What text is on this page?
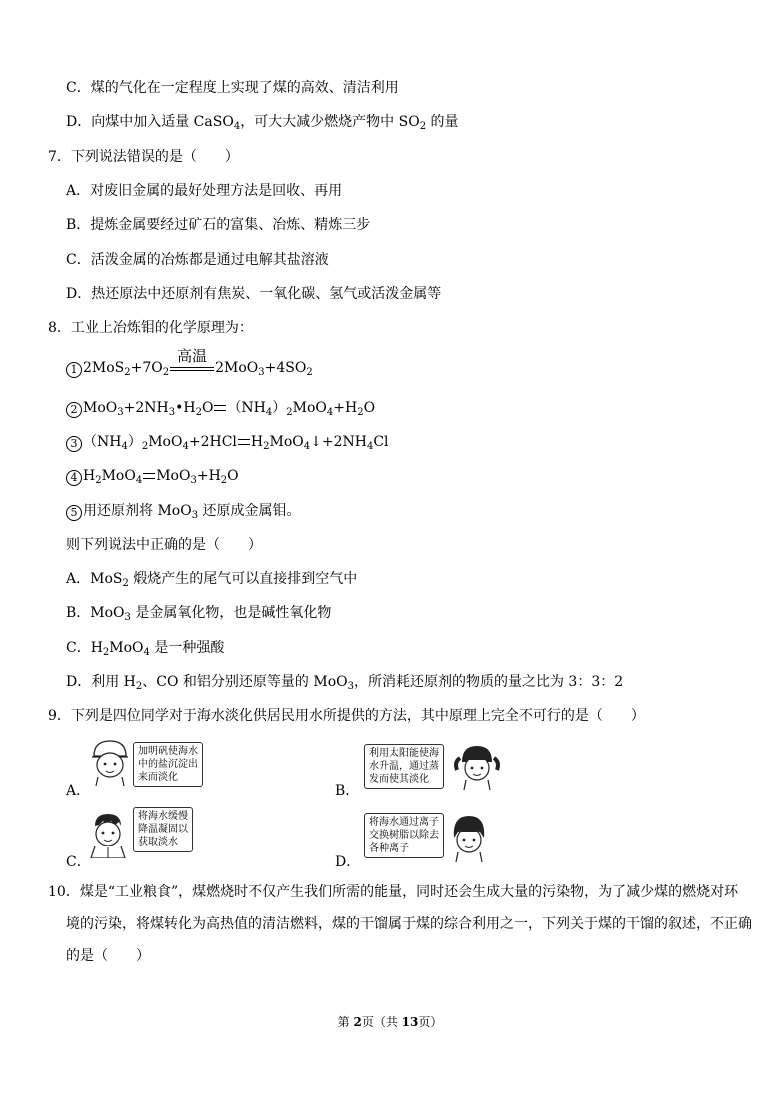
C．煤的气化在一定程度上实现了煤的高效、清洁利用
D．向煤中加入适量 CaSO$_4$，可大大减少燃烧产物中 $SO_2$ 的量
7．下列说法错误的是（　　）
A．对废旧金属的最好处理方法是回收、再用
B．提炼金属要经过矿石的富集、冶炼、精炼三步
C．活泼金属的冶炼都是通过电解其盐溶液
D．热还原法中还原剂有焦炭、一氧化碳、氢气或活泼金属等
8．工业上冶炼钼的化学原理为：
1 $2MoS_2+7O_2$
高温
$2MoO_3+4SO_2$
2 $MoO_3+2NH_3•H_2O$ $(NH_4)_2MoO_4+H_2O$
3 $(NH_4)_2MoO_4+2HCl$ $H_2MoO_4↓+2NH_4Cl$
4 $H_2MoO_4$ $MoO_3+H_2O$
5 用还原剂将 MoO$_3$ 还原成金属钼。
则下列说法中正确的是（　　）
A．MoS$_2$ 煅烧产生的尾气可以直接排到空气中
B．MoO$_3$ 是金属氧化物，也是碱性氧化物
C．$H_2MoO_4$ 是一种强酸
D．利用 $H_2$、CO 和铝分别还原等量的 MoO$_3$，所消耗还原剂的物质的量之比为 3：3：2
9．下列是四位同学对于海水淡化供居民用水所提供的方法，其中原理上完全不可行的是（　　）
加明矾使海水
中的盐沉淀出
来而淡化
A．
利用太阳能使海
水升温，通过蒸
发而使其淡化
B．
将海水缓慢
降温凝固以
获取淡水
C．
将海水通过离子
交换树脂以除去
各种离子
D．
10．煤是“工业粮食”，煤燃烧时不仅产生我们所需的能量，同时还会生成大量的污染物，为了减少煤的燃烧对环
境的污染，将煤转化为高热值的清洁燃料，煤的干馏属于煤的综合利用之一，下列关于煤的干馏的叙述，不正确
的是（　　）
第 2页（共 13页）
